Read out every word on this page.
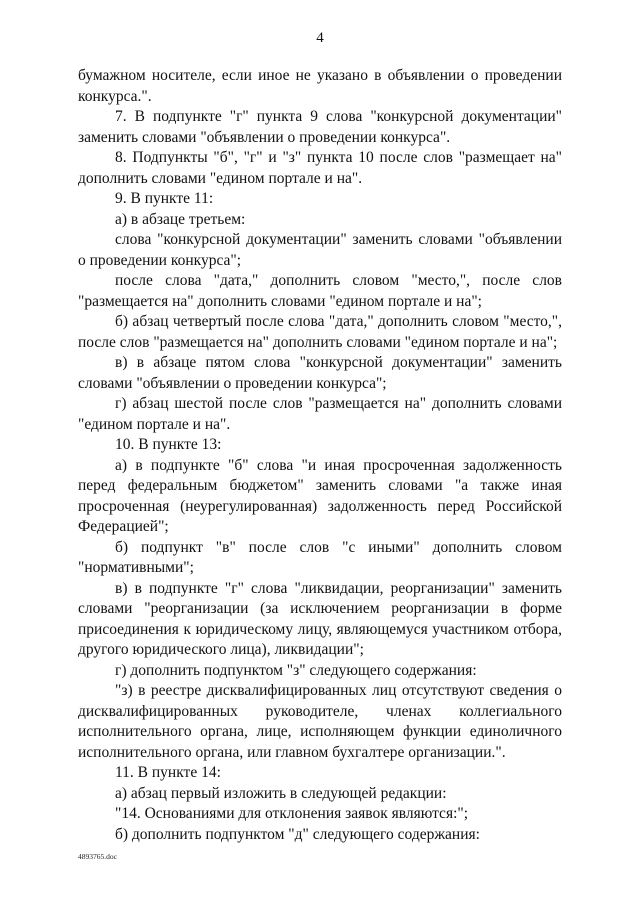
4

бумажном носителе, если иное не указано в объявлении о проведении конкурса.".

7. В подпункте "г" пункта 9 слова "конкурсной документации" заменить словами "объявлении о проведении конкурса".

8. Подпункты "б", "г" и "з" пункта 10 после слов "размещает на" дополнить словами "едином портале и на".

9. В пункте 11:

а) в абзаце третьем:

слова "конкурсной документации" заменить словами "объявлении о проведении конкурса";

после слова "дата," дополнить словом "место,", после слов "размещается на" дополнить словами "едином портале и на";

б) абзац четвертый после слова "дата," дополнить словом "место,", после слов "размещается на" дополнить словами "едином портале и на";

в) в абзаце пятом слова "конкурсной документации" заменить словами "объявлении о проведении конкурса";

г) абзац шестой после слов "размещается на" дополнить словами "едином портале и на".

10. В пункте 13:

а) в подпункте "б" слова "и иная просроченная задолженность перед федеральным бюджетом" заменить словами "а также иная просроченная (неурегулированная) задолженность перед Российской Федерацией";

б) подпункт "в" после слов "с иными" дополнить словом "нормативными";

в) в подпункте "г" слова "ликвидации, реорганизации" заменить словами "реорганизации (за исключением реорганизации в форме присоединения к юридическому лицу, являющемуся участником отбора, другого юридического лица), ликвидации";

г) дополнить подпунктом "з" следующего содержания:

"з) в реестре дисквалифицированных лиц отсутствуют сведения о дисквалифицированных руководителе, членах коллегиального исполнительного органа, лице, исполняющем функции единоличного исполнительного органа, или главном бухгалтере организации.".

11. В пункте 14:

а) абзац первый изложить в следующей редакции:

"14. Основаниями для отклонения заявок являются:";

б) дополнить подпунктом "д" следующего содержания:

4893765.doc
